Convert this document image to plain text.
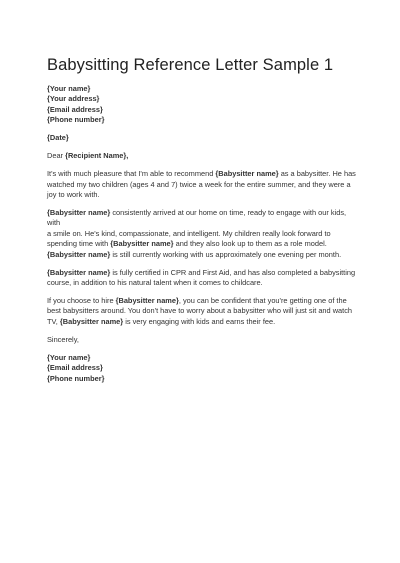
Babysitting Reference Letter Sample 1
{Your name}
{Your address}
{Email address}
{Phone number}
{Date}
Dear {Recipient Name},
It's with much pleasure that I'm able to recommend {Babysitter name} as a babysitter. He has
watched my two children (ages 4 and 7) twice a week for the entire summer, and they were a
joy to work with.
{Babysitter name} consistently arrived at our home on time, ready to engage with our kids, with
a smile on. He's kind, compassionate, and intelligent. My children really look forward to
spending time with {Babysitter name} and they also look up to them as a role model.
{Babysitter name} is still currently working with us approximately one evening per month.
{Babysitter name} is fully certified in CPR and First Aid, and has also completed a babysitting
course, in addition to his natural talent when it comes to childcare.
If you choose to hire {Babysitter name}, you can be confident that you're getting one of the
best babysitters around. You don't have to worry about a babysitter who will just sit and watch
TV, {Babysitter name} is very engaging with kids and earns their fee.
Sincerely,
{Your name}
{Email address}
{Phone number}
